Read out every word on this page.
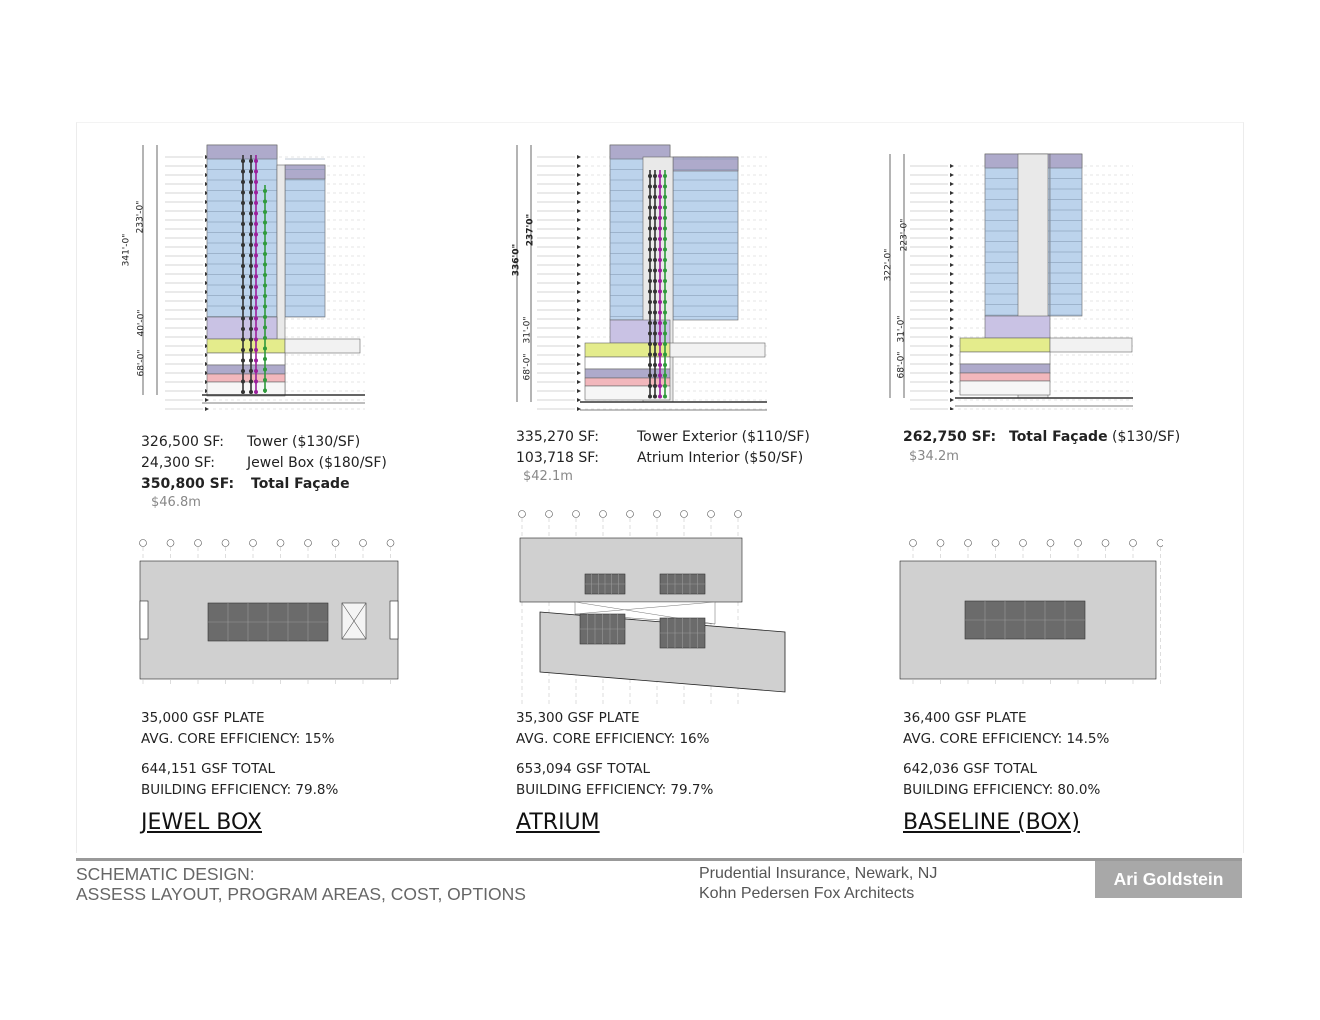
341'-0"
233'-0"
40'-0"
68'-0"
336'0"
237'0"
31'-0"
68'-0"
322'-0"
223'-0"
31'-0"
68'-0"
326,500 SF: Tower ($130/SF)
24,300 SF: Jewel Box ($180/SF)
350,800 SF: Total Façade
$46.8m
335,270 SF:	Tower Exterior ($110/SF)
103,718 SF:	Atrium Interior ($50/SF)
$42.1m
262,750 SF: Total Façade ($130/SF)
$34.2m
35,000 GSF PLATE
AVG. CORE EFFICIENCY: 15%
644,151 GSF TOTAL
BUILDING EFFICIENCY: 79.8%
35,300 GSF PLATE
AVG. CORE EFFICIENCY: 16%
653,094 GSF TOTAL
BUILDING EFFICIENCY: 79.7%
36,400 GSF PLATE
AVG. CORE EFFICIENCY: 14.5%
642,036 GSF TOTAL
BUILDING EFFICIENCY: 80.0%
JEWEL BOX	ATRIUM	BASELINE (BOX)
SCHEMATIC DESIGN:
ASSESS LAYOUT, PROGRAM AREAS, COST, OPTIONS
Prudential Insurance, Newark, NJ
Kohn Pedersen Fox Architects
Ari Goldstein
